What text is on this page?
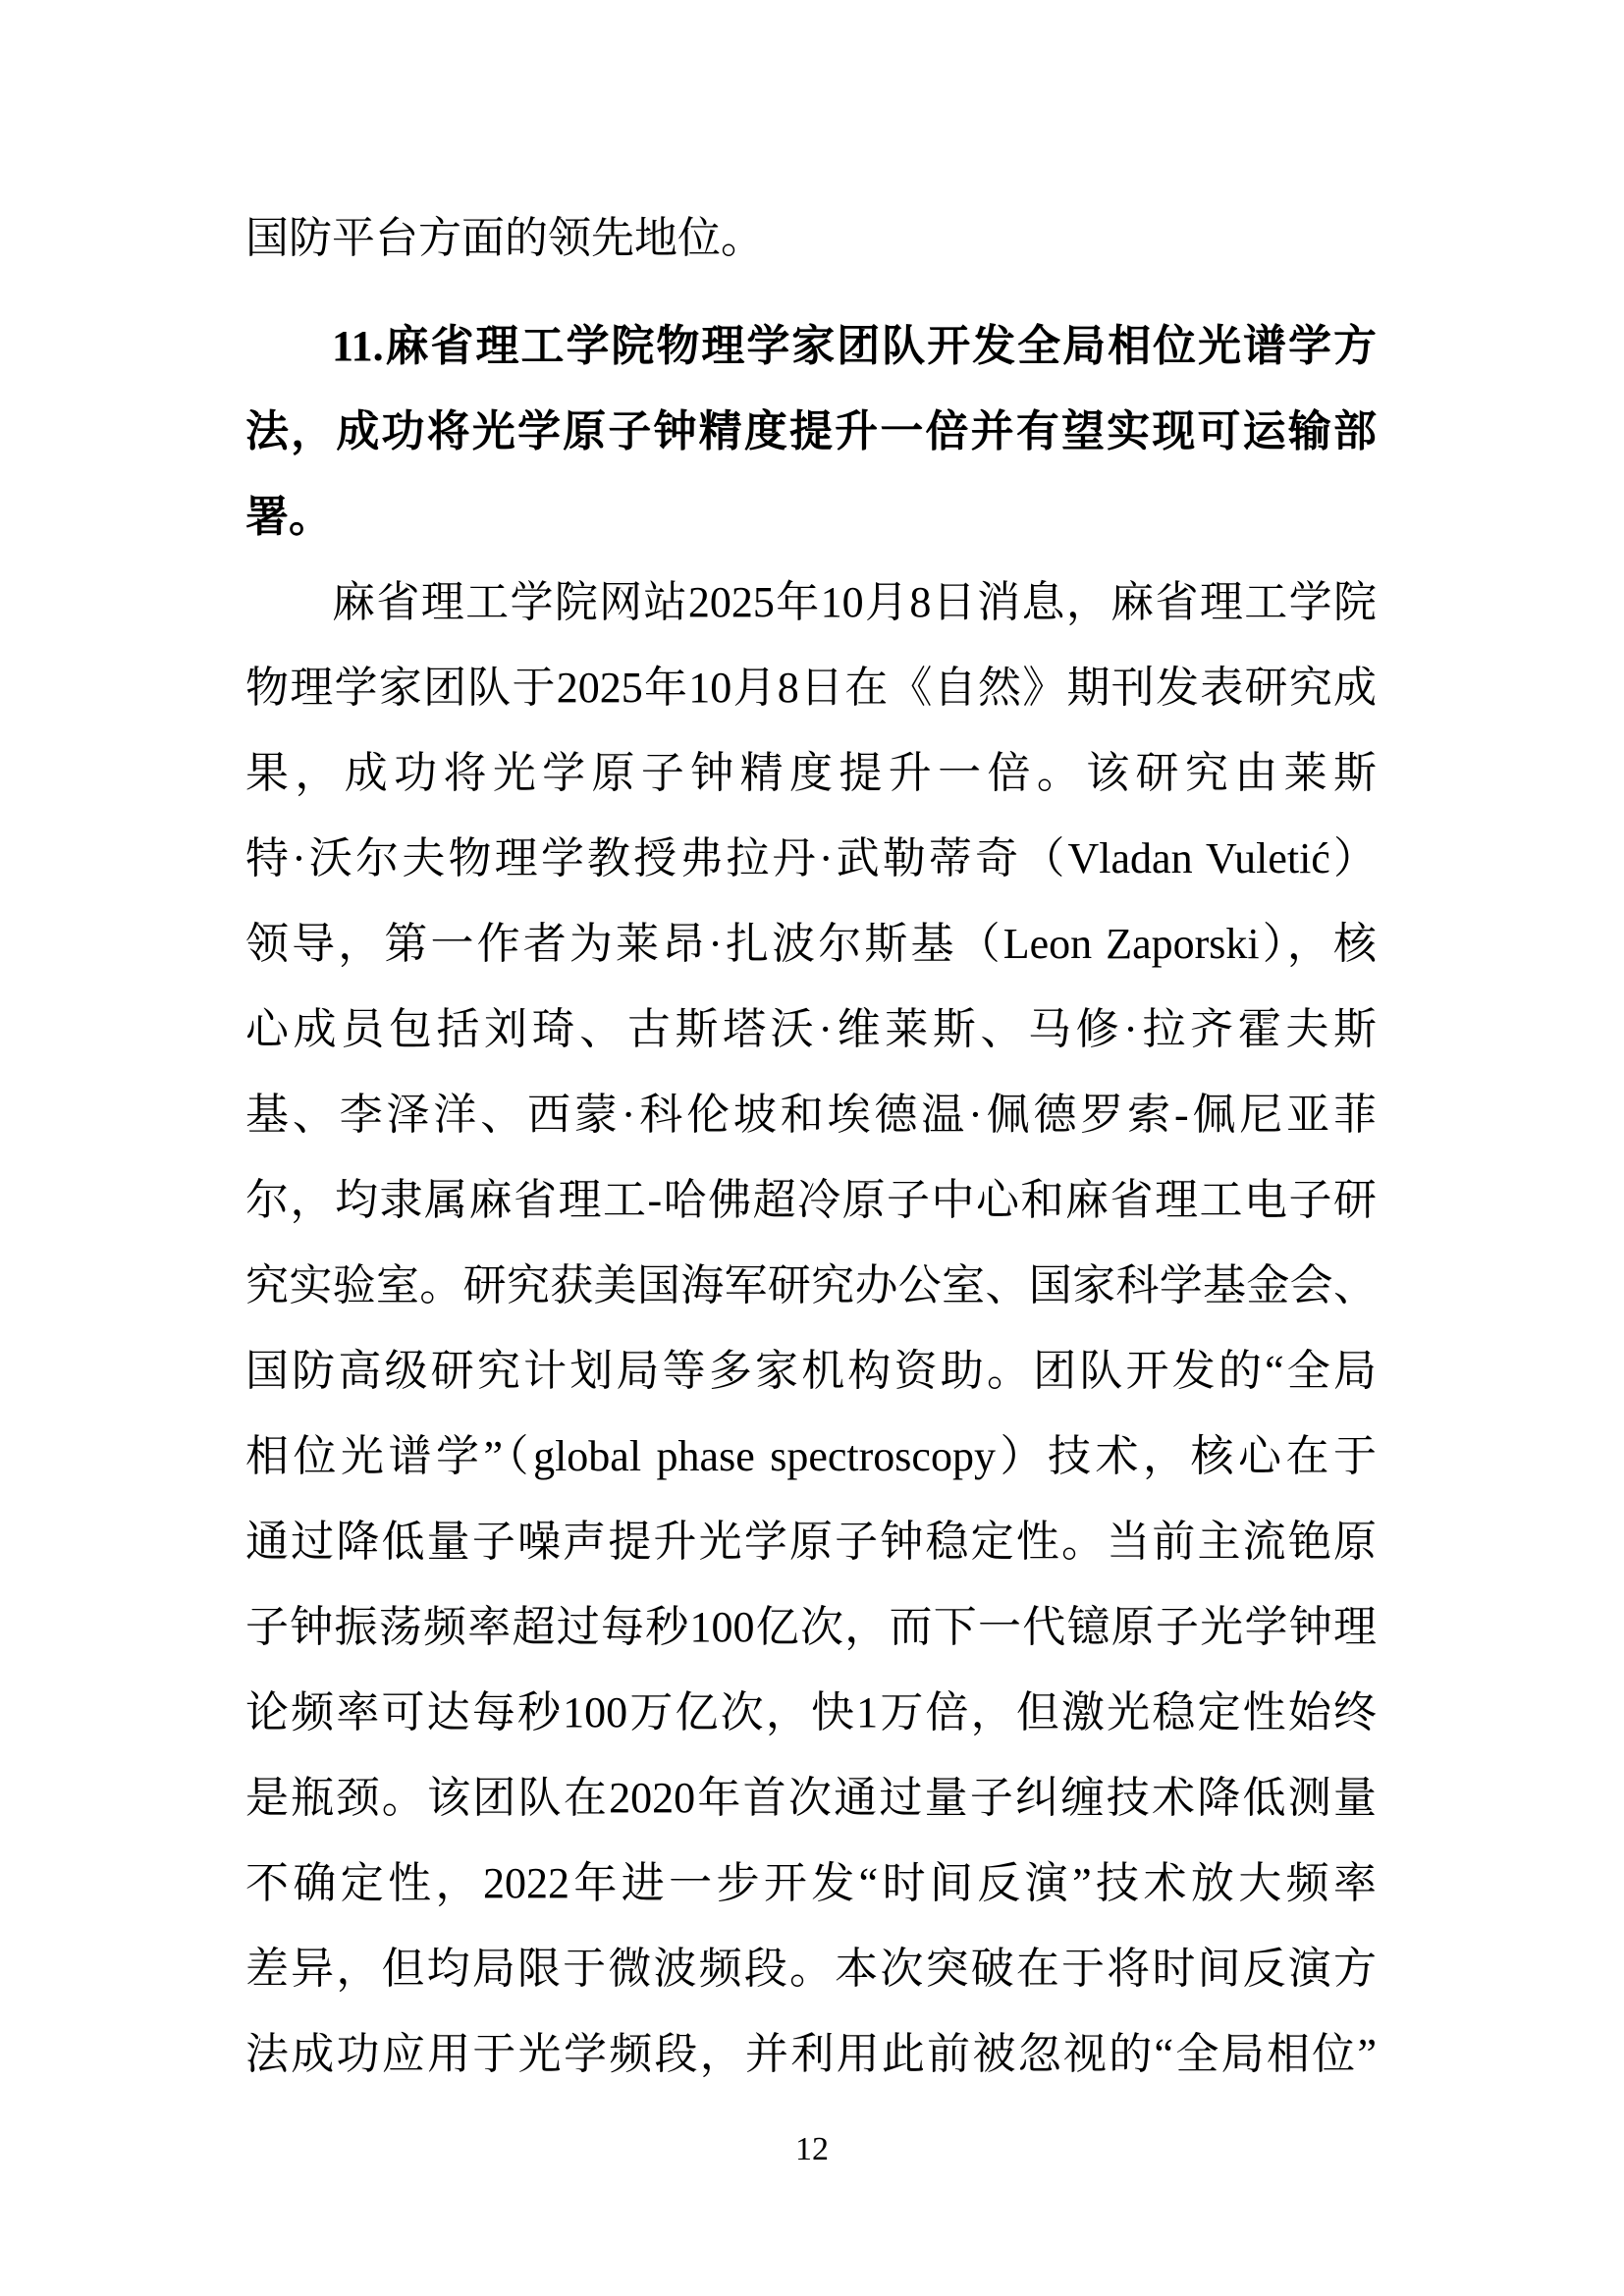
国防平台方面的领先地位。
11.麻省理工学院物理学家团队开发全局相位光谱学方
法，成功将光学原子钟精度提升一倍并有望实现可运输部
署。
麻省理工学院网站2025年10月8日消息，麻省理工学院
物理学家团队于2025年10月8日在《自然》期刊发表研究成
果，成功将光学原子钟精度提升一倍。该研究由莱斯
特·沃尔夫物理学教授弗拉丹·武勒蒂奇（Vladan Vuletić）
领导，第一作者为莱昂·扎波尔斯基（Leon Zaporski），核
心成员包括刘琦、古斯塔沃·维莱斯、马修·拉齐霍夫斯
基、李泽洋、西蒙·科伦坡和埃德温·佩德罗索-佩尼亚菲
尔，均隶属麻省理工-哈佛超冷原子中心和麻省理工电子研
究实验室。研究获美国海军研究办公室、国家科学基金会、
国防高级研究计划局等多家机构资助。团队开发的“全局
相位光谱学”（global phase spectroscopy）技术，核心在于
通过降低量子噪声提升光学原子钟稳定性。当前主流铯原
子钟振荡频率超过每秒100亿次，而下一代镱原子光学钟理
论频率可达每秒100万亿次，快1万倍，但激光稳定性始终
是瓶颈。该团队在2020年首次通过量子纠缠技术降低测量
不确定性，2022年进一步开发“时间反演”技术放大频率
差异，但均局限于微波频段。本次突破在于将时间反演方
法成功应用于光学频段，并利用此前被忽视的“全局相位”
12
